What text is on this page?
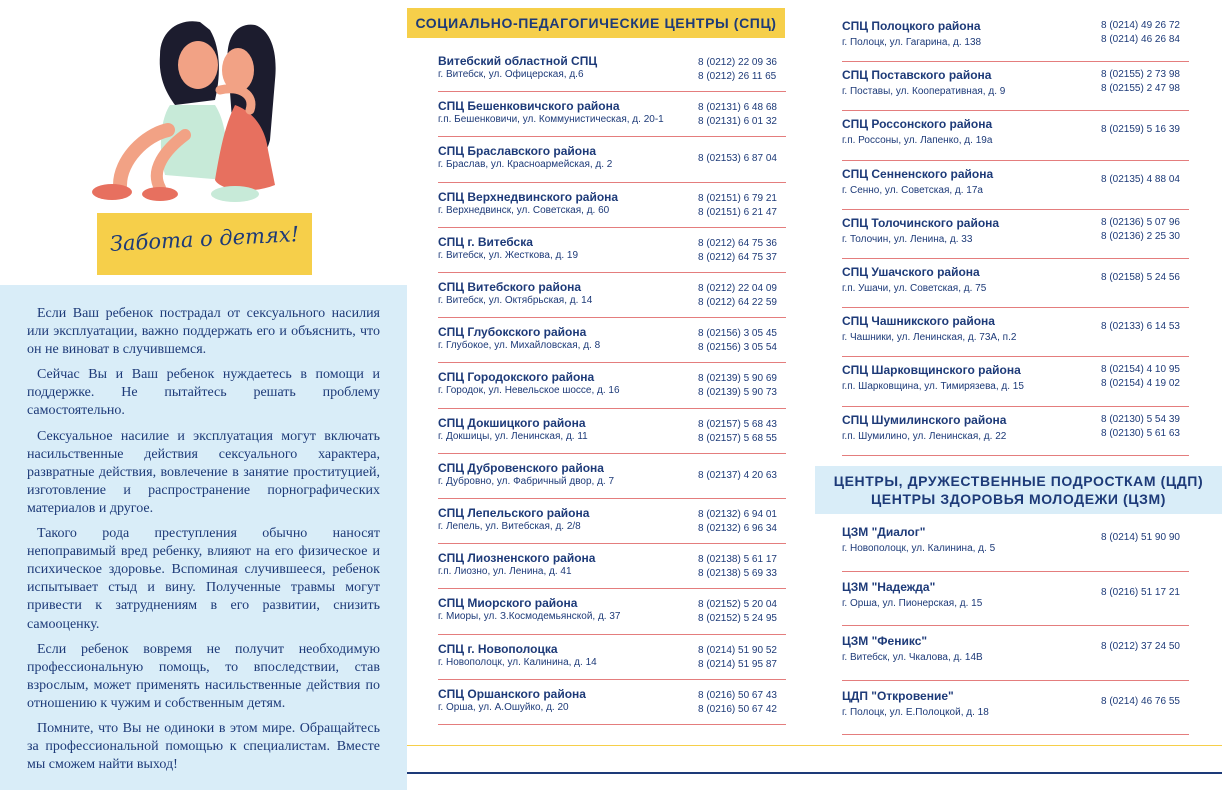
Забота о детях!

Если Ваш ребенок пострадал от сексуального насилия или эксплуатации, важно поддержать его и объяснить, что он не виноват в случившемся.

Сейчас Вы и Ваш ребенок нуждаетесь в помощи и поддержке. Не пытайтесь решать проблему самостоятельно.

Сексуальное насилие и эксплуатация могут включать насильственные действия сексуального характера, развратные действия, вовлечение в занятие проституцией, изготовление и распространение порнографических материалов и другое.

Такого рода преступления обычно наносят непоправимый вред ребенку, влияют на его физическое и психическое здоровье. Вспоминая случившееся, ребенок испытывает стыд и вину. Полученные травмы могут привести к затруднениям в его развитии, снизить самооценку.

Если ребенок вовремя не получит необходимую профессиональную помощь, то впоследствии, став взрослым, может применять насильственные действия по отношению к чужим и собственным детям.

Помните, что Вы не одиноки в этом мире. Обращайтесь за профессиональной помощью к специалистам. Вместе мы сможем найти выход!

СОЦИАЛЬНО-ПЕДАГОГИЧЕСКИЕ ЦЕНТРЫ (СПЦ)
Витебский областной СПЦ
г. Витебск, ул. Офицерская, д.6
8 (0212) 22 09 36
8 (0212) 26 11 65
СПЦ Бешенковичского района
г.п. Бешенковичи, ул. Коммунистическая, д. 20-1
8 (02131) 6 48 68
8 (02131) 6 01 32
СПЦ Браславского района
г. Браслав, ул. Красноармейская, д. 2
8 (02153) 6 87 04
СПЦ Верхнедвинского района
г. Верхнедвинск, ул. Советская, д. 60
8 (02151) 6 79 21
8 (02151) 6 21 47
СПЦ г. Витебска
г. Витебск, ул. Жесткова, д. 19
8 (0212) 64 75 36
8 (0212) 64 75 37
СПЦ Витебского района
г. Витебск, ул. Октябрьская, д. 14
8 (0212) 22 04 09
8 (0212) 64 22 59
СПЦ Глубокского района
г. Глубокое, ул. Михайловская, д. 8
8 (02156) 3 05 45
8 (02156) 3 05 54
СПЦ Городокского района
г. Городок, ул. Невельское шоссе, д. 16
8 (02139) 5 90 69
8 (02139) 5 90 73
СПЦ Докшицкого района
г. Докшицы, ул. Ленинская, д. 11
8 (02157) 5 68 43
8 (02157) 5 68 55
СПЦ Дубровенского района
г. Дубровно, ул. Фабричный двор, д. 7
8 (02137) 4 20 63
СПЦ Лепельского района
г. Лепель, ул. Витебская, д. 2/8
8 (02132) 6 94 01
8 (02132) 6 96 34
СПЦ Лиозненского района
г.п. Лиозно, ул. Ленина, д. 41
8 (02138) 5 61 17
8 (02138) 5 69 33
СПЦ Миорского района
г. Миоры, ул. З.Космодемьянской, д. 37
8 (02152) 5 20 04
8 (02152) 5 24 95
СПЦ г. Новополоцка
г. Новополоцк, ул. Калинина, д. 14
8 (0214) 51 90 52
8 (0214) 51 95 87
СПЦ Оршанского района
г. Орша, ул. А.Ошуйко, д. 20
8 (0216) 50 67 43
8 (0216) 50 67 42
СПЦ Полоцкого района
г. Полоцк, ул. Гагарина, д. 138
8 (0214) 49 26 72
8 (0214) 46 26 84
СПЦ Поставского района
г. Поставы, ул. Кооперативная, д. 9
8 (02155) 2 73 98
8 (02155) 2 47 98
СПЦ Россонского района
г.п. Россоны, ул. Лапенко, д. 19а
8 (02159) 5 16 39
СПЦ Сенненского района
г. Сенно, ул. Советская, д. 17а
8 (02135) 4 88 04
СПЦ Толочинского района
г. Толочин, ул. Ленина, д. 33
8 (02136) 5 07 96
8 (02136) 2 25 30
СПЦ Ушачского района
г.п. Ушачи, ул. Советская, д. 75
8 (02158) 5 24 56
СПЦ Чашникского района
г. Чашники, ул. Ленинская, д. 73А, п.2
8 (02133) 6 14 53
СПЦ Шарковщинского района
г.п. Шарковщина, ул. Тимирязева, д. 15
8 (02154) 4 10 95
8 (02154) 4 19 02
СПЦ Шумилинского района
г.п. Шумилино, ул. Ленинская, д. 22
8 (02130) 5 54 39
8 (02130) 5 61 63
ЦЕНТРЫ, ДРУЖЕСТВЕННЫЕ ПОДРОСТКАМ (ЦДП)
ЦЕНТРЫ ЗДОРОВЬЯ МОЛОДЕЖИ (ЦЗМ)
ЦЗМ "Диалог"
г. Новополоцк, ул. Калинина, д. 5
8 (0214) 51 90 90
ЦЗМ "Надежда"
г. Орша, ул. Пионерская, д. 15
8 (0216) 51 17 21
ЦЗМ "Феникс"
г. Витебск, ул. Чкалова, д. 14В
8 (0212) 37 24 50
ЦДП "Откровение"
г. Полоцк, ул. Е.Полоцкой, д. 18
8 (0214) 46 76 55
